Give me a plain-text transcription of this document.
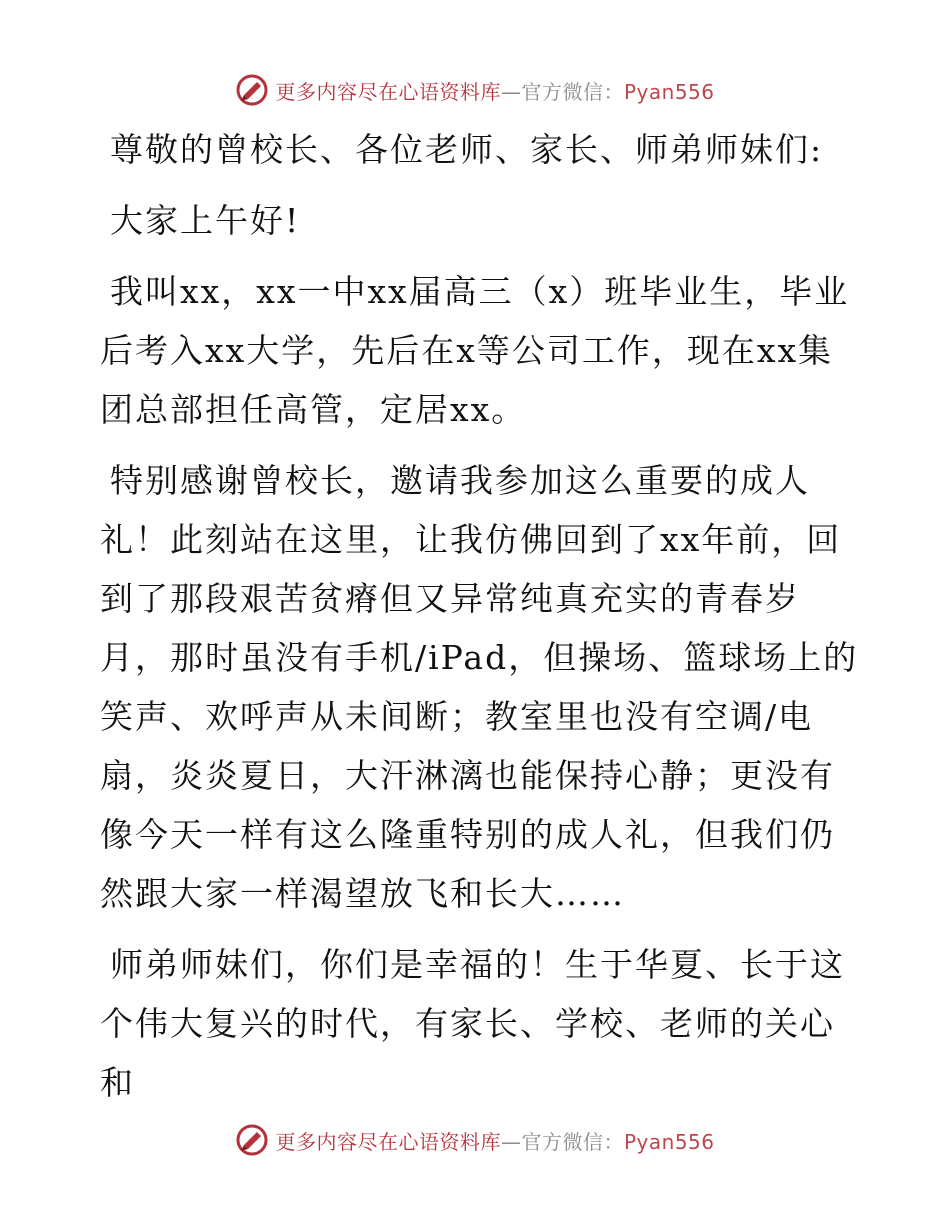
更多内容尽在心语资料库—官方微信：Pyan556

尊敬的曾校长、各位老师、家长、师弟师妹们:

大家上午好!

我叫xx，xx一中xx届高三（x）班毕业生，毕业后考入xx大学，先后在x等公司工作，现在xx集团总部担任高管，定居xx。

特别感谢曾校长，邀请我参加这么重要的成人礼！此刻站在这里，让我仿佛回到了xx年前，回到了那段艰苦贫瘠但又异常纯真充实的青春岁月，那时虽没有手机/iPad，但操场、篮球场上的笑声、欢呼声从未间断；教室里也没有空调/电扇，炎炎夏日，大汗淋漓也能保持心静；更没有像今天一样有这么隆重特别的成人礼，但我们仍然跟大家一样渴望放飞和长大……

师弟师妹们，你们是幸福的！生于华夏、长于这个伟大复兴的时代，有家长、学校、老师的关心和

更多内容尽在心语资料库—官方微信：Pyan556
